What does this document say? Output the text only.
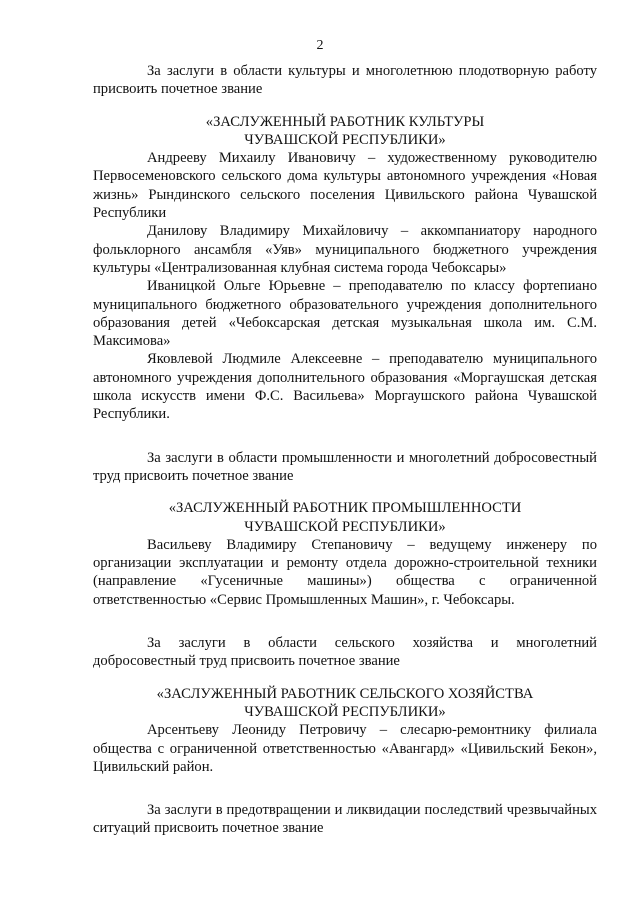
2

За заслуги в области культуры и многолетнюю плодотворную работу присвоить почетное звание

«ЗАСЛУЖЕННЫЙ РАБОТНИК КУЛЬТУРЫ
ЧУВАШСКОЙ РЕСПУБЛИКИ»

Андрееву Михаилу Ивановичу – художественному руководителю Первосеменовского сельского дома культуры автономного учреждения «Новая жизнь» Рындинского сельского поселения Цивильского района Чувашской Республики

Данилову Владимиру Михайловичу – аккомпаниатору народного фольклорного ансамбля «Уяв» муниципального бюджетного учреждения культуры «Централизованная клубная система города Чебоксары»

Иваницкой Ольге Юрьевне – преподавателю по классу фортепиано муниципального бюджетного образовательного учреждения дополнительного образования детей «Чебоксарская детская музыкальная школа им. С.М. Максимова»

Яковлевой Людмиле Алексеевне – преподавателю муниципального автономного учреждения дополнительного образования «Моргаушская детская школа искусств имени Ф.С. Васильева» Моргаушского района Чувашской Республики.

За заслуги в области промышленности и многолетний добросовестный труд присвоить почетное звание

«ЗАСЛУЖЕННЫЙ РАБОТНИК ПРОМЫШЛЕННОСТИ
ЧУВАШСКОЙ РЕСПУБЛИКИ»

Васильеву Владимиру Степановичу – ведущему инженеру по организации эксплуатации и ремонту отдела дорожно-строительной техники (направление «Гусеничные машины») общества с ограниченной ответственностью «Сервис Промышленных Машин», г. Чебоксары.

За заслуги в области сельского хозяйства и многолетний добросовестный труд присвоить почетное звание

«ЗАСЛУЖЕННЫЙ РАБОТНИК СЕЛЬСКОГО ХОЗЯЙСТВА
ЧУВАШСКОЙ РЕСПУБЛИКИ»

Арсентьеву Леониду Петровичу – слесарю-ремонтнику филиала общества с ограниченной ответственностью «Авангард» «Цивильский Бекон», Цивильский район.

За заслуги в предотвращении и ликвидации последствий чрезвычайных ситуаций присвоить почетное звание
